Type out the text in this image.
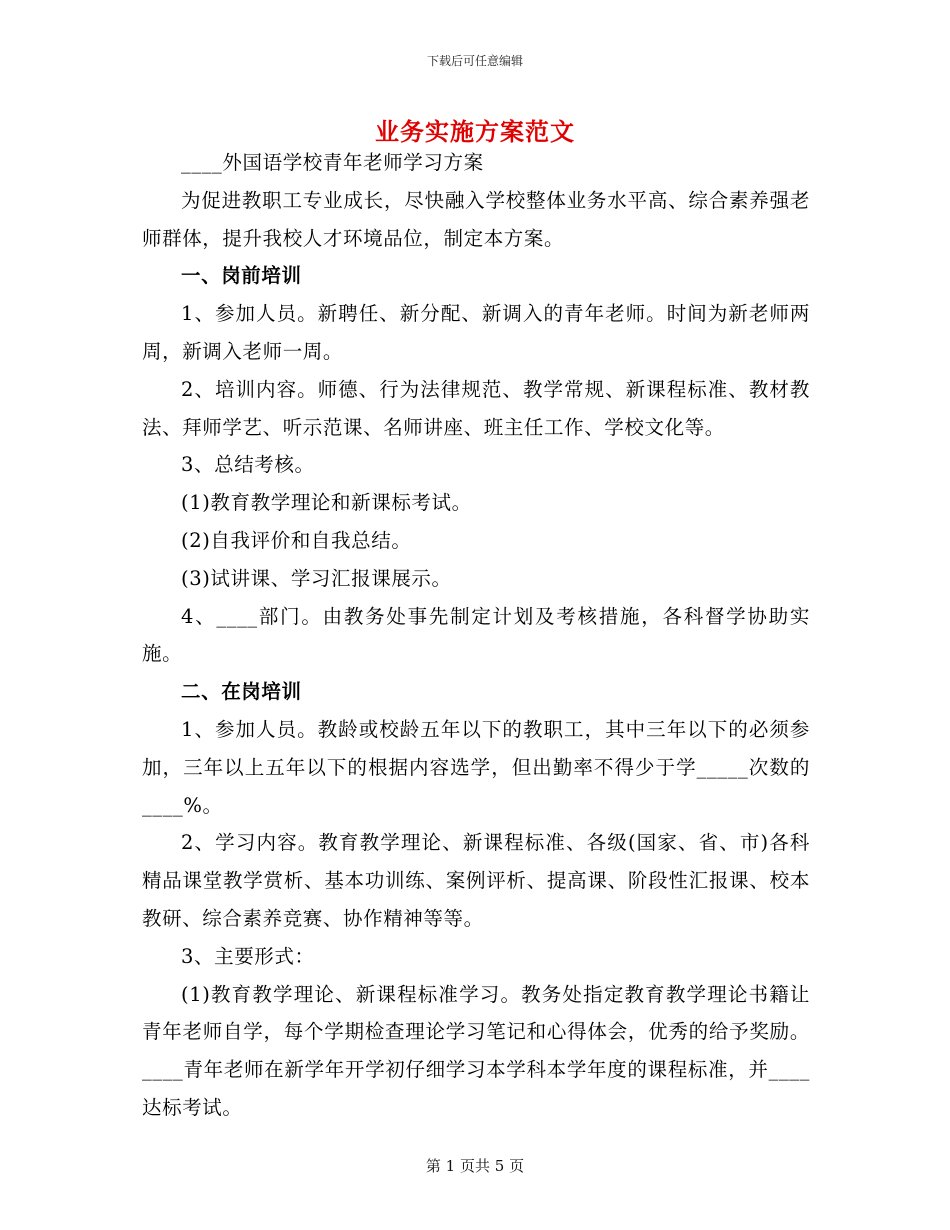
下载后可任意编辑
业务实施方案范文

____外国语学校青年老师学习方案

为促进教职工专业成长，尽快融入学校整体业务水平高、综合素养强老师群体，提升我校人才环境品位，制定本方案。

一、岗前培训

1、参加人员。新聘任、新分配、新调入的青年老师。时间为新老师两周，新调入老师一周。

2、培训内容。师德、行为法律规范、教学常规、新课程标准、教材教法、拜师学艺、听示范课、名师讲座、班主任工作、学校文化等。

3、总结考核。

(1)教育教学理论和新课标考试。

(2)自我评价和自我总结。

(3)试讲课、学习汇报课展示。

4、____部门。由教务处事先制定计划及考核措施，各科督学协助实施。

二、在岗培训

1、参加人员。教龄或校龄五年以下的教职工，其中三年以下的必须参加，三年以上五年以下的根据内容选学，但出勤率不得少于学_____次数的____%。

2、学习内容。教育教学理论、新课程标准、各级(国家、省、市)各科精品课堂教学赏析、基本功训练、案例评析、提高课、阶段性汇报课、校本教研、综合素养竞赛、协作精神等等。

3、主要形式：

(1)教育教学理论、新课程标准学习。教务处指定教育教学理论书籍让青年老师自学，每个学期检查理论学习笔记和心得体会，优秀的给予奖励。____青年老师在新学年开学初仔细学习本学科本学年度的课程标准，并____达标考试。

第 1 页共 5 页
